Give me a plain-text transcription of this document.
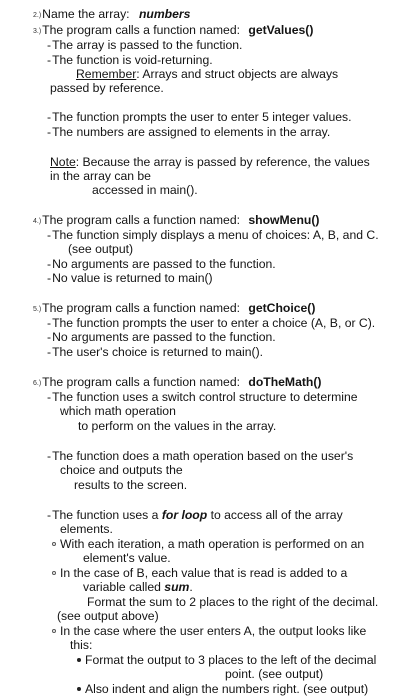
2.)Name the array: numbers
3.)The program calls a function named: getValues()
-The array is passed to the function.
-The function is void-returning.
Remember: Arrays and struct objects are always
passed by reference.
-The function prompts the user to enter 5 integer values.
-The numbers are assigned to elements in the array.
Note: Because the array is passed by reference, the values
in the array can be
accessed in main().
4.)The program calls a function named: showMenu()
-The function simply displays a menu of choices: A, B, and C.
(see output)
-No arguments are passed to the function.
-No value is returned to main()
5.)The program calls a function named: getChoice()
-The function prompts the user to enter a choice (A, B, or C).
-No arguments are passed to the function.
-The user's choice is returned to main().
6.)The program calls a function named: doTheMath()
-The function uses a switch control structure to determine
which math operation
to perform on the values in the array.
-The function does a math operation based on the user's
choice and outputs the
results to the screen.
-The function uses a for loop to access all of the array
elements.
With each iteration, a math operation is performed on an
element's value.
In the case of B, each value that is read is added to a
variable called sum.
Format the sum to 2 places to the right of the decimal.
(see output above)
In the case where the user enters A, the output looks like
this:
Format the output to 3 places to the left of the decimal
point. (see output)
Also indent and align the numbers right. (see output)
